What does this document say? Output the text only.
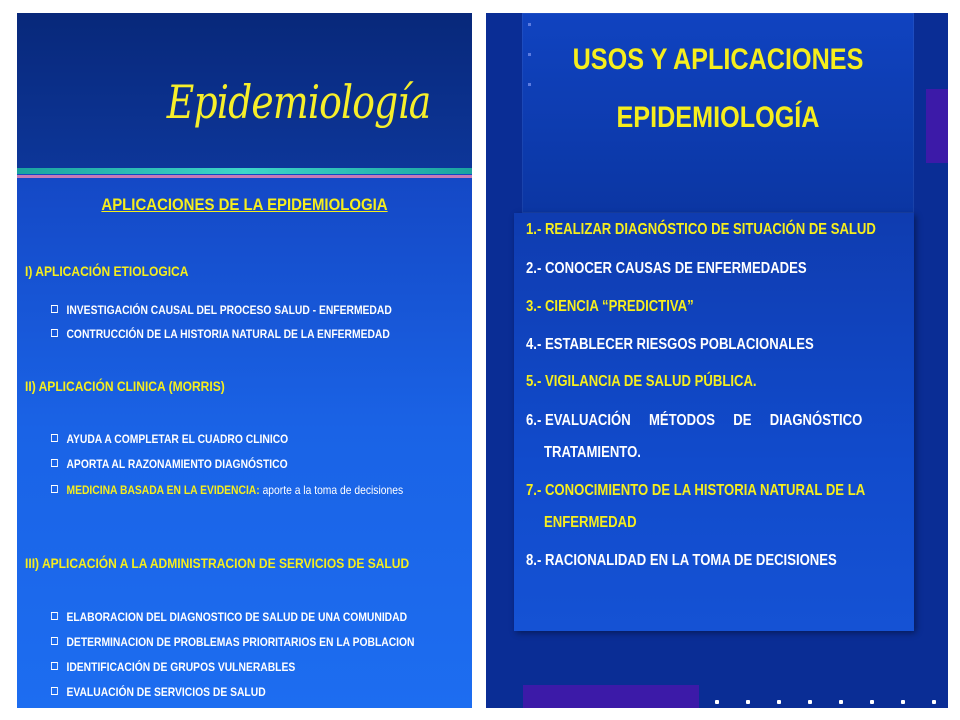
Epidemiología
APLICACIONES DE LA EPIDEMIOLOGIA
I) APLICACIÓN ETIOLOGICA
INVESTIGACIÓN CAUSAL DEL PROCESO SALUD - ENFERMEDAD
CONTRUCCIÓN DE LA HISTORIA NATURAL DE LA ENFERMEDAD
II) APLICACIÓN CLINICA (MORRIS)
AYUDA A COMPLETAR EL CUADRO CLINICO
APORTA AL RAZONAMIENTO DIAGNÓSTICO
MEDICINA BASADA EN LA EVIDENCIA: aporte a la toma de decisiones
III) APLICACIÓN A LA ADMINISTRACION DE SERVICIOS DE SALUD
ELABORACION DEL DIAGNOSTICO DE SALUD DE UNA COMUNIDAD
DETERMINACION DE PROBLEMAS PRIORITARIOS EN LA POBLACION
IDENTIFICACIÓN DE GRUPOS VULNERABLES
EVALUACIÓN DE SERVICIOS DE SALUD
USOS Y APLICACIONES
EPIDEMIOLOGÍA
1.- REALIZAR DIAGNÓSTICO DE SITUACIÓN DE SALUD
2.- CONOCER CAUSAS DE ENFERMEDADES
3.- CIENCIA “PREDICTIVA”
4.- ESTABLECER RIESGOS POBLACIONALES
5.- VIGILANCIA DE SALUD PÚBLICA.
6.- EVALUACIÓN     MÉTODOS     DE     DIAGNÓSTICO
TRATAMIENTO.
7.- CONOCIMIENTO DE LA HISTORIA NATURAL DE LA
ENFERMEDAD
8.- RACIONALIDAD EN LA TOMA DE DECISIONES
